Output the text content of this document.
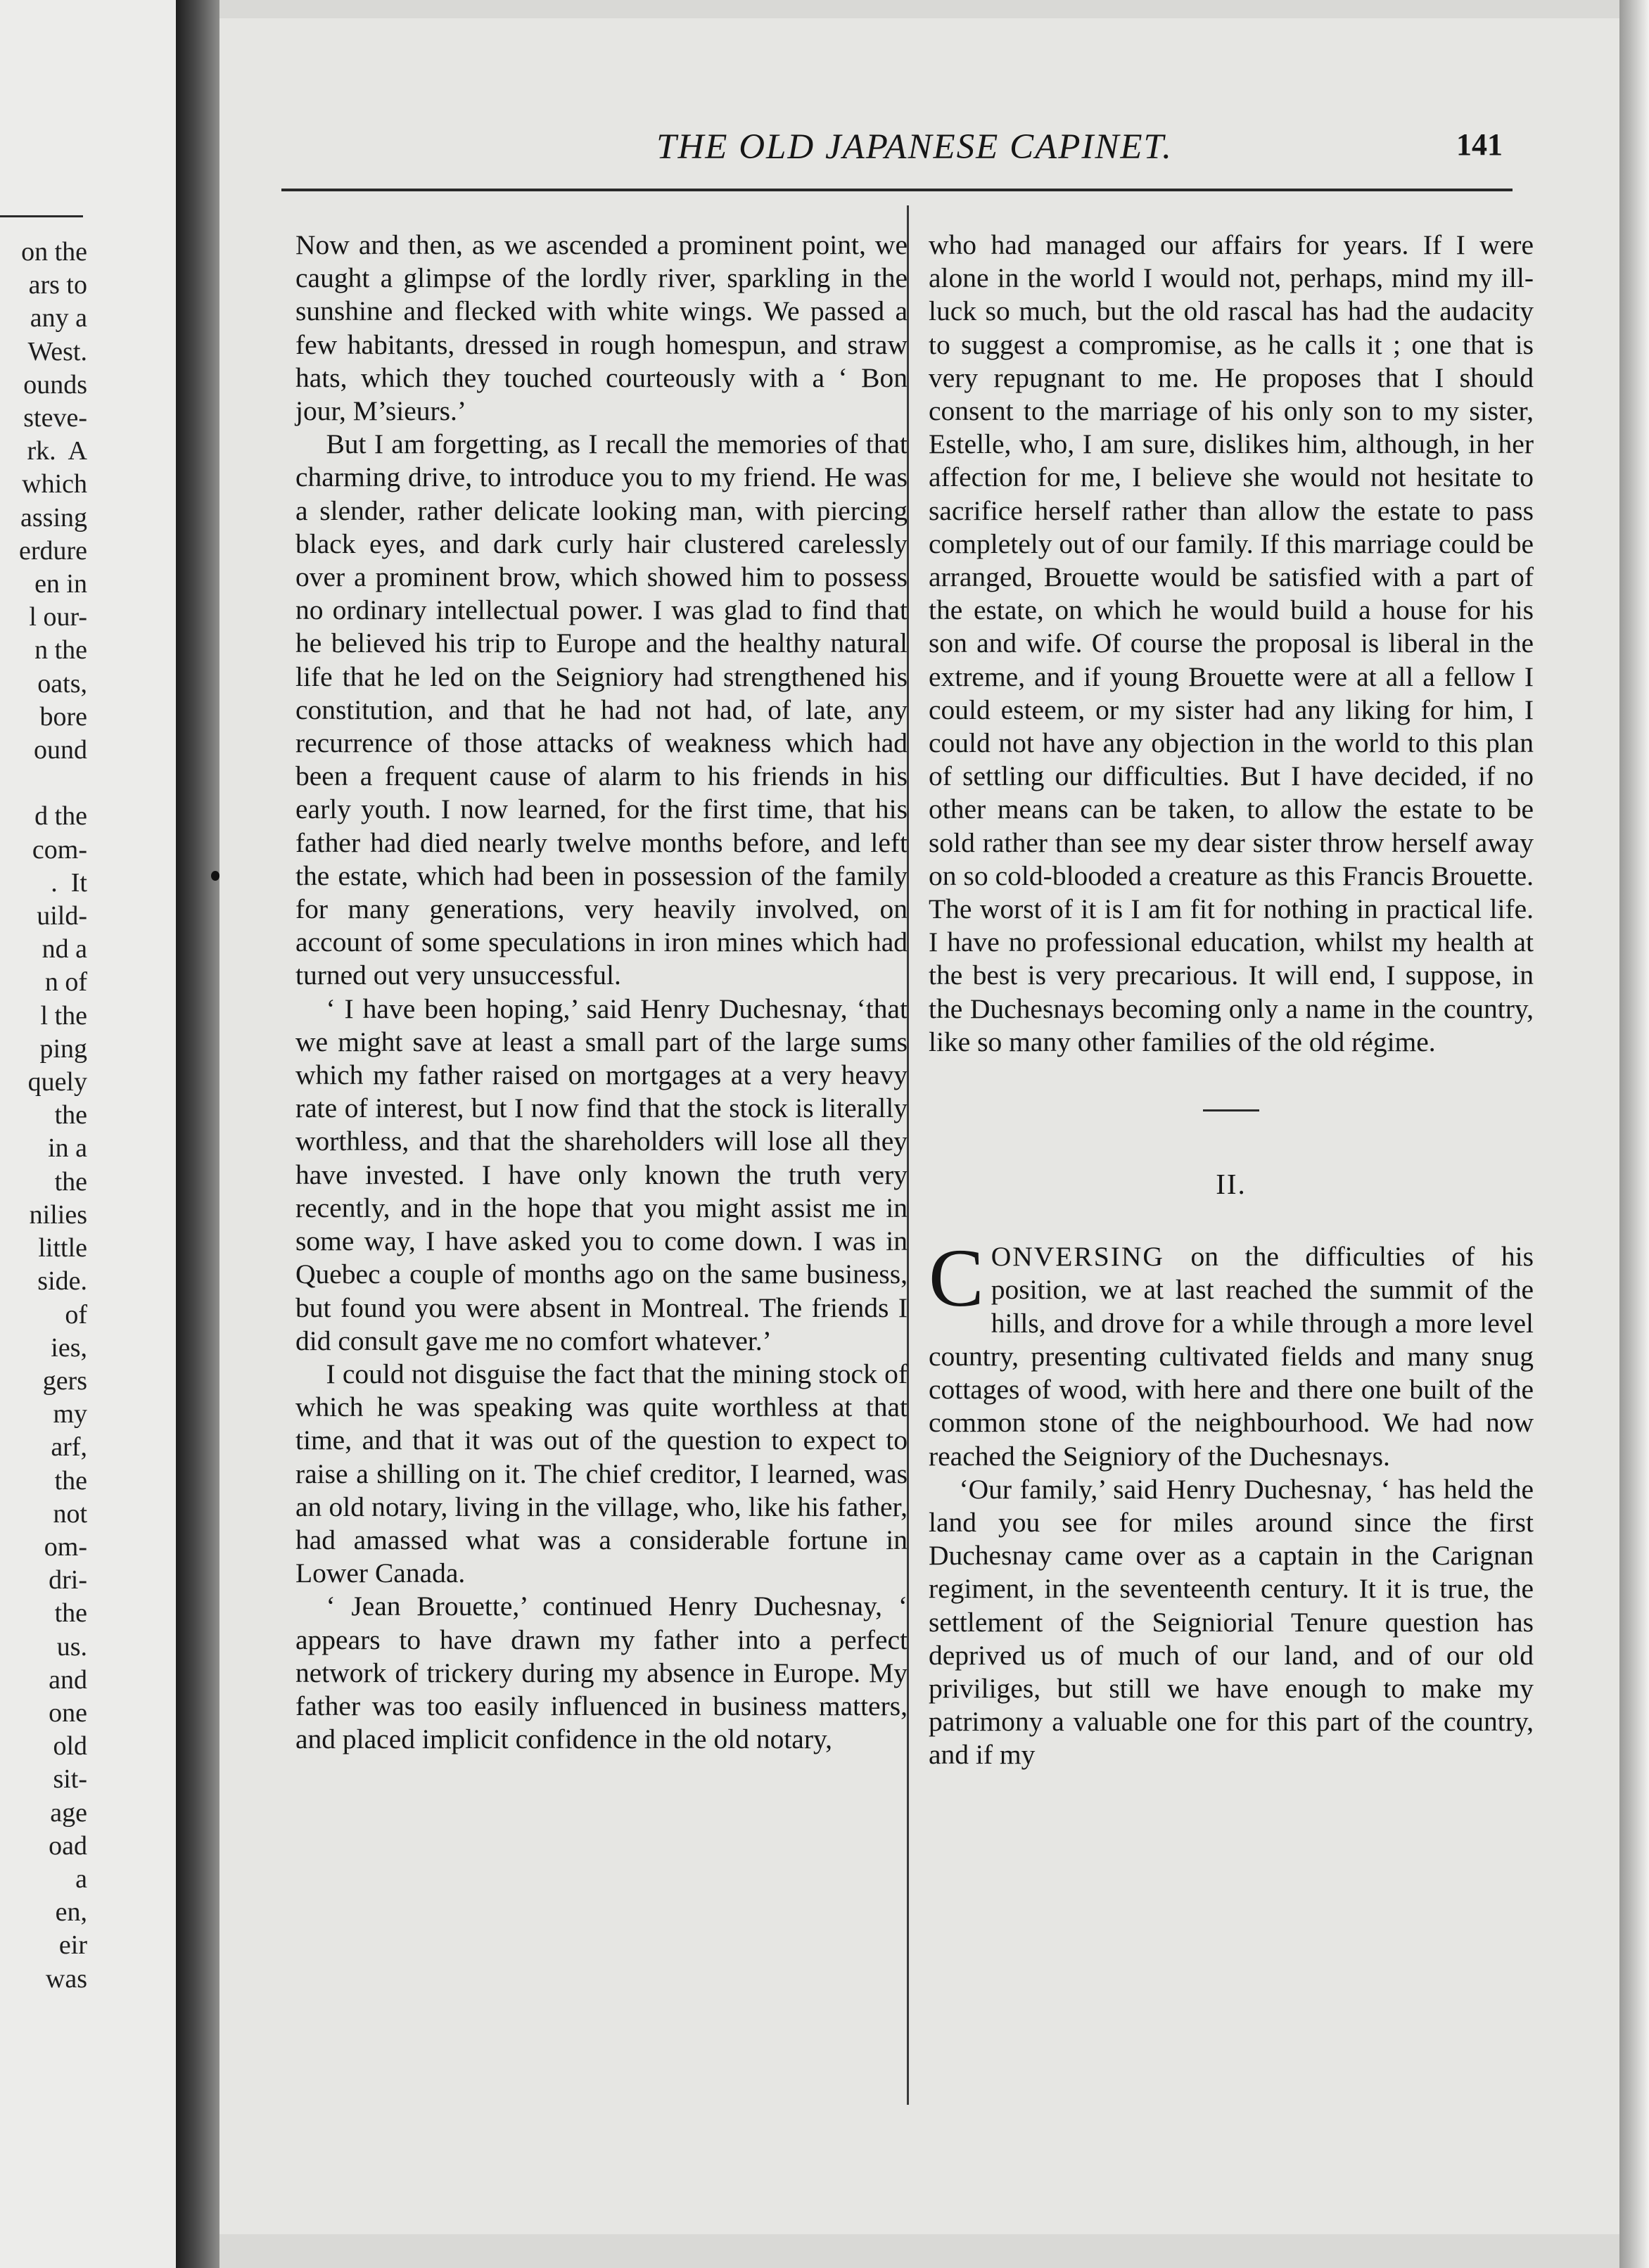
on the
ars to
any a
West.
ounds
steve-
rk.  A
which
assing
erdure
en in
l our-
n the
oats,
bore
ound

d the
com-
.  It
uild-
nd a
n of
l the
ping
quely
the
in a
the
nilies
little
side.
of
ies,
gers
my
arf,
the
not
om-
dri-
the
us.
and
one
old
sit-
age
oad
a
en,
eir
was
THE OLD JAPANESE CAPINET.	141

Now and then, as we ascended a prominent point, we caught a glimpse of the lordly river, sparkling in the sunshine and flecked with white wings. We passed a few habitants, dressed in rough homespun, and straw hats, which they touched courteously with a ‘ Bon jour, M’sieurs.’

But I am forgetting, as I recall the memories of that charming drive, to introduce you to my friend. He was a slender, rather delicate looking man, with piercing black eyes, and dark curly hair clustered carelessly over a prominent brow, which showed him to possess no ordinary intellectual power. I was glad to find that he believed his trip to Europe and the healthy natural life that he led on the Seigniory had strengthened his constitution, and that he had not had, of late, any recurrence of those attacks of weakness which had been a frequent cause of alarm to his friends in his early youth. I now learned, for the first time, that his father had died nearly twelve months before, and left the estate, which had been in possession of the family for many generations, very heavily involved, on account of some speculations in iron mines which had turned out very unsuccessful.

‘ I have been hoping,’ said Henry Duchesnay, ‘that we might save at least a small part of the large sums which my father raised on mortgages at a very heavy rate of interest, but I now find that the stock is literally worthless, and that the shareholders will lose all they have invested. I have only known the truth very recently, and in the hope that you might assist me in some way, I have asked you to come down. I was in Quebec a couple of months ago on the same business, but found you were absent in Montreal. The friends I did consult gave me no comfort whatever.’

I could not disguise the fact that the mining stock of which he was speaking was quite worthless at that time, and that it was out of the question to expect to raise a shilling on it. The chief creditor, I learned, was an old notary, living in the village, who, like his father, had amassed what was a considerable fortune in Lower Canada.

‘ Jean Brouette,’ continued Henry Duchesnay, ‘ appears to have drawn my father into a perfect network of trickery during my absence in Europe. My father was too easily influenced in business matters, and placed implicit confidence in the old notary,

who had managed our affairs for years. If I were alone in the world I would not, perhaps, mind my ill-luck so much, but the old rascal has had the audacity to suggest a compromise, as he calls it ; one that is very repugnant to me. He proposes that I should consent to the marriage of his only son to my sister, Estelle, who, I am sure, dislikes him, although, in her affection for me, I believe she would not hesitate to sacrifice herself rather than allow the estate to pass completely out of our family. If this marriage could be arranged, Brouette would be satisfied with a part of the estate, on which he would build a house for his son and wife. Of course the proposal is liberal in the extreme, and if young Brouette were at all a fellow I could esteem, or my sister had any liking for him, I could not have any objection in the world to this plan of settling our difficulties. But I have decided, if no other means can be taken, to allow the estate to be sold rather than see my dear sister throw herself away on so cold-blooded a creature as this Francis Brouette. The worst of it is I am fit for nothing in practical life. I have no professional education, whilst my health at the best is very precarious. It will end, I suppose, in the Duchesnays becoming only a name in the country, like so many other families of the old régime.

II.

CONVERSING on the difficulties of his position, we at last reached the summit of the hills, and drove for a while through a more level country, presenting cultivated fields and many snug cottages of wood, with here and there one built of the common stone of the neighbourhood. We had now reached the Seigniory of the Duchesnays.

‘Our family,’ said Henry Duchesnay, ‘ has held the land you see for miles around since the first Duchesnay came over as a captain in the Carignan regiment, in the seventeenth century. It it is true, the settlement of the Seigniorial Tenure question has deprived us of much of our land, and of our old priviliges, but still we have enough to make my patrimony a valuable one for this part of the country, and if my
